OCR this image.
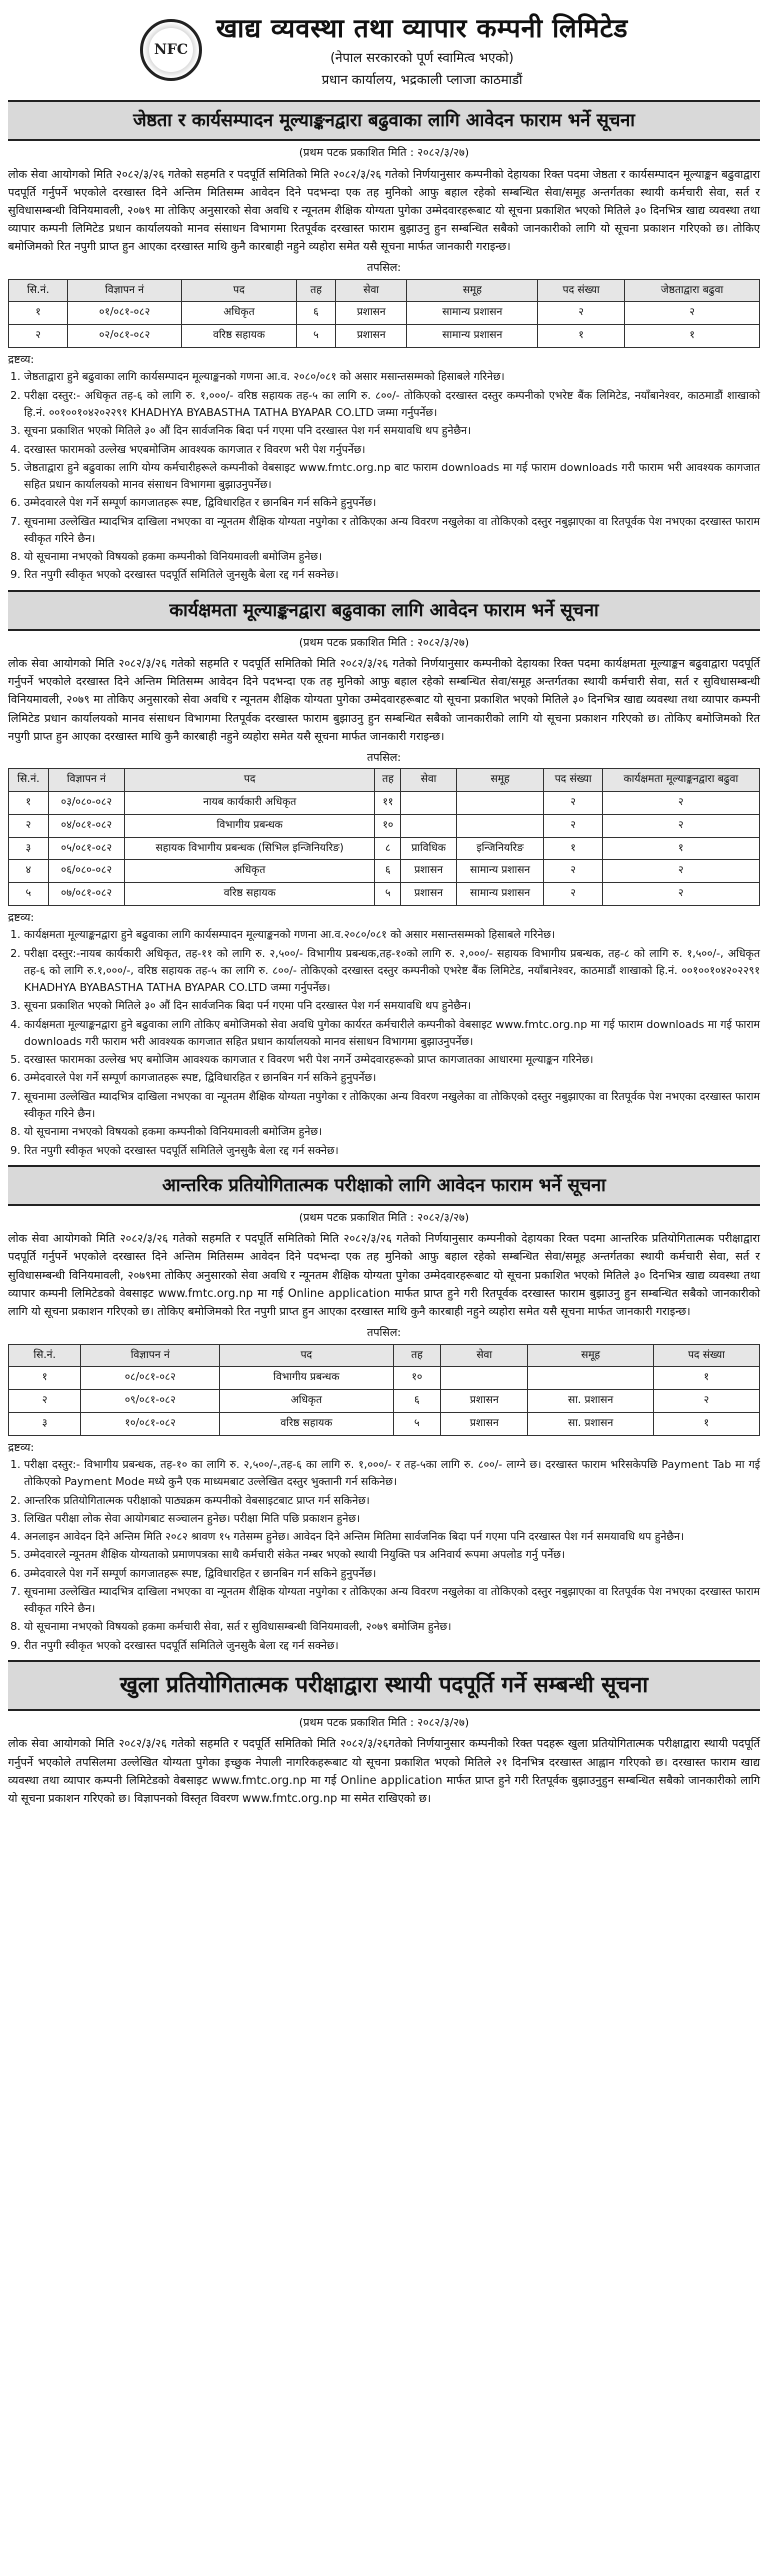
NFC
खाद्य व्यवस्था तथा व्यापार कम्पनी लिमिटेड
(नेपाल सरकारको पूर्ण स्वामित्व भएको)
प्रधान कार्यालय, भद्रकाली प्लाजा काठमाडौं
जेष्ठता र कार्यसम्पादन मूल्याङ्कनद्वारा बढुवाका लागि आवेदन फाराम भर्ने सूचना
(प्रथम पटक प्रकाशित मिति : २०८२/३/२७)

लोक सेवा आयोगको मिति २०८२/३/२६ गतेको सहमति र पदपूर्ति समितिको मिति २०८२/३/२६ गतेको निर्णयानुसार कम्पनीको देहायका रिक्त पदमा जेष्ठता र कार्यसम्पादन मूल्याङ्कन बढुवाद्वारा पदपूर्ति गर्नुपर्ने भएकोले दरखास्त दिने अन्तिम मितिसम्म आवेदन दिने पदभन्दा एक तह मुनिको आफु बहाल रहेको सम्बन्धित सेवा/समूह अन्तर्गतका स्थायी कर्मचारी सेवा, सर्त र सुविधासम्बन्धी विनियमावली, २०७९ मा तोकिए अनुसारको सेवा अवधि र न्यूनतम शैक्षिक योग्यता पुगेका उम्मेदवारहरूबाट यो सूचना प्रकाशित भएको मितिले ३० दिनभित्र खाद्य व्यवस्था तथा व्यापार कम्पनी लिमिटेड प्रधान कार्यालयको मानव संसाधन विभागमा रितपूर्वक दरखास्त फाराम बुझाउनु हुन सम्बन्धित सबैको जानकारीको लागि यो सूचना प्रकाशन गरिएको छ। तोकिए बमोजिमको रित नपुगी प्राप्त हुन आएका दरखास्त माथि कुनै कारबाही नहुने व्यहोरा समेत यसै सूचना मार्फत जानकारी गराइन्छ।

तपसिल:
सि.नं.	विज्ञापन नं	पद	तह	सेवा	समूह	पद संख्या	जेष्ठताद्वारा बढुवा
१	०१/०८१-०८२	अधिकृत	६	प्रशासन	सामान्य प्रशासन	२	२
२	०२/०८१-०८२	वरिष्ठ सहायक	५	प्रशासन	सामान्य प्रशासन	१	१
द्रष्टव्य:
1. जेष्ठताद्वारा हुने बढुवाका लागि कार्यसम्पादन मूल्याङ्कनको गणना आ.व. २०८०/०८१ को असार मसान्तसम्मको हिसाबले गरिनेछ।
2. परीक्षा दस्तुर:- अधिकृत तह-६ को लागि रु. १,०००/- वरिष्ठ सहायक तह-५ का लागि रु. ८००/- तोकिएको दरखास्त दस्तुर कम्पनीको एभरेष्ट बैंक लिमिटेड, नयाँबानेश्वर, काठमाडौं शाखाको हि.नं. ००१००१०४२०२२९१ KHADHYA BYABASTHA TATHA BYAPAR CO.LTD जम्मा गर्नुपर्नेछ।
3. सूचना प्रकाशित भएको मितिले ३० औं दिन सार्वजनिक बिदा पर्न गएमा पनि दरखास्त पेश गर्न समयावधि थप हुनेछैन।
4. दरखास्त फारामको उल्लेख भएबमोजिम आवश्यक कागजात र विवरण भरी पेश गर्नुपर्नेछ।
5. जेष्ठताद्वारा हुने बढुवाका लागि योग्य कर्मचारीहरूले कम्पनीको वेबसाइट www.fmtc.org.np बाट फाराम downloads मा गई फाराम downloads गरी फाराम भरी आवश्यक कागजात सहित प्रधान कार्यालयको मानव संसाधन विभागमा बुझाउनुपर्नेछ।
6. उम्मेदवारले पेश गर्ने सम्पूर्ण कागजातहरू स्पष्ट, द्विविधारहित र छानबिन गर्न सकिने हुनुपर्नेछ।
7. सूचनामा उल्लेखित म्यादभित्र दाखिला नभएका वा न्यूनतम शैक्षिक योग्यता नपुगेका र तोकिएका अन्य विवरण नखुलेका वा तोकिएको दस्तुर नबुझाएका वा रितपूर्वक पेश नभएका दरखास्त फाराम स्वीकृत गरिने छैन।
8. यो सूचनामा नभएको विषयको हकमा कम्पनीको विनियमावली बमोजिम हुनेछ।
9. रित नपुगी स्वीकृत भएको दरखास्त पदपूर्ति समितिले जुनसुकै बेला रद्द गर्न सक्नेछ।
कार्यक्षमता मूल्याङ्कनद्वारा बढुवाका लागि आवेदन फाराम भर्ने सूचना
(प्रथम पटक प्रकाशित मिति : २०८२/३/२७)

लोक सेवा आयोगको मिति २०८२/३/२६ गतेको सहमति र पदपूर्ति समितिको मिति २०८२/३/२६ गतेको निर्णयानुसार कम्पनीको देहायका रिक्त पदमा कार्यक्षमता मूल्याङ्कन बढुवाद्वारा पदपूर्ति गर्नुपर्ने भएकोले दरखास्त दिने अन्तिम मितिसम्म आवेदन दिने पदभन्दा एक तह मुनिको आफु बहाल रहेको सम्बन्धित सेवा/समूह अन्तर्गतका स्थायी कर्मचारी सेवा, सर्त र सुविधासम्बन्धी विनियमावली, २०७९ मा तोकिए अनुसारको सेवा अवधि र न्यूनतम शैक्षिक योग्यता पुगेका उम्मेदवारहरूबाट यो सूचना प्रकाशित भएको मितिले ३० दिनभित्र खाद्य व्यवस्था तथा व्यापार कम्पनी लिमिटेड प्रधान कार्यालयको मानव संसाधन विभागमा रितपूर्वक दरखास्त फाराम बुझाउनु हुन सम्बन्धित सबैको जानकारीको लागि यो सूचना प्रकाशन गरिएको छ। तोकिए बमोजिमको रित नपुगी प्राप्त हुन आएका दरखास्त माथि कुनै कारबाही नहुने व्यहोरा समेत यसै सूचना मार्फत जानकारी गराइन्छ।

तपसिल:
सि.नं.	विज्ञापन नं	पद	तह	सेवा	समूह	पद संख्या	कार्यक्षमता मूल्याङ्कनद्वारा बढुवा
१	०३/०८०-०८२	नायब कार्यकारी अधिकृत	११			२	२
२	०४/०८१-०८२	विभागीय प्रबन्धक	१०			२	२
३	०५/०८१-०८२	सहायक विभागीय प्रबन्धक (सिभिल इन्जिनियरिङ)	८	प्राविधिक	इन्जिनियरिङ	१	१
४	०६/०८०-०८२	अधिकृत	६	प्रशासन	सामान्य प्रशासन	२	२
५	०७/०८१-०८२	वरिष्ठ सहायक	५	प्रशासन	सामान्य प्रशासन	२	२
द्रष्टव्य:
1. कार्यक्षमता मूल्याङ्कनद्वारा हुने बढुवाका लागि कार्यसम्पादन मूल्याङ्कनको गणना आ.व.२०८०/०८१ को असार मसान्तसम्मको हिसाबले गरिनेछ।
2. परीक्षा दस्तुर:-नायब कार्यकारी अधिकृत, तह-११ को लागि रु. २,५००/- विभागीय प्रबन्धक,तह-१०को लागि रु. २,०००/- सहायक विभागीय प्रबन्धक, तह-८ को लागि रु. १,५००/-, अधिकृत तह-६ को लागि रु.१,०००/-, वरिष्ठ सहायक तह-५ का लागि रु. ८००/- तोकिएको दरखास्त दस्तुर कम्पनीको एभरेष्ट बैंक लिमिटेड, नयाँबानेश्वर, काठमाडौं शाखाको हि.नं. ००१००१०४२०२२९१ KHADHYA BYABASTHA TATHA BYAPAR CO.LTD जम्मा गर्नुपर्नेछ।
3. सूचना प्रकाशित भएको मितिले ३० औं दिन सार्वजनिक बिदा पर्न गएमा पनि दरखास्त पेश गर्न समयावधि थप हुनेछैन।
4. कार्यक्षमता मूल्याङ्कनद्वारा हुने बढुवाका लागि तोकिए बमोजिमको सेवा अवधि पुगेका कार्यरत कर्मचारीले कम्पनीको वेबसाइट www.fmtc.org.np मा गई फाराम downloads मा गई फाराम downloads गरी फाराम भरी आवश्यक कागजात सहित प्रधान कार्यालयको मानव संसाधन विभागमा बुझाउनुपर्नेछ।
5. दरखास्त फारामका उल्लेख भए बमोजिम आवश्यक कागजात र विवरण भरी पेश नगर्ने उम्मेदवारहरूको प्राप्त कागजातका आधारमा मूल्याङ्कन गरिनेछ।
6. उम्मेदवारले पेश गर्ने सम्पूर्ण कागजातहरू स्पष्ट, द्विविधारहित र छानबिन गर्न सकिने हुनुपर्नेछ।
7. सूचनामा उल्लेखित म्यादभित्र दाखिला नभएका वा न्यूनतम शैक्षिक योग्यता नपुगेका र तोकिएका अन्य विवरण नखुलेका वा तोकिएको दस्तुर नबुझाएका वा रितपूर्वक पेश नभएका दरखास्त फाराम स्वीकृत गरिने छैन।
8. यो सूचनामा नभएको विषयको हकमा कम्पनीको विनियमावली बमोजिम हुनेछ।
9. रित नपुगी स्वीकृत भएको दरखास्त पदपूर्ति समितिले जुनसुकै बेला रद्द गर्न सक्नेछ।
आन्तरिक प्रतियोगितात्मक परीक्षाको लागि आवेदन फाराम भर्ने सूचना
(प्रथम पटक प्रकाशित मिति : २०८२/३/२७)

लोक सेवा आयोगको मिति २०८२/३/२६ गतेको सहमति र पदपूर्ति समितिको मिति २०८२/३/२६ गतेको निर्णयानुसार कम्पनीको देहायका रिक्त पदमा आन्तरिक प्रतियोगितात्मक परीक्षाद्वारा पदपूर्ति गर्नुपर्ने भएकोले दरखास्त दिने अन्तिम मितिसम्म आवेदन दिने पदभन्दा एक तह मुनिको आफु बहाल रहेको सम्बन्धित सेवा/समूह अन्तर्गतका स्थायी कर्मचारी सेवा, सर्त र सुविधासम्बन्धी विनियमावली, २०७९मा तोकिए अनुसारको सेवा अवधि र न्यूनतम शैक्षिक योग्यता पुगेका उम्मेदवारहरूबाट यो सूचना प्रकाशित भएको मितिले ३० दिनभित्र खाद्य व्यवस्था तथा व्यापार कम्पनी लिमिटेडको वेबसाइट www.fmtc.org.np मा गई Online application मार्फत प्राप्त हुने गरी रितपूर्वक दरखास्त फाराम बुझाउनु हुन सम्बन्धित सबैको जानकारीको लागि यो सूचना प्रकाशन गरिएको छ। तोकिए बमोजिमको रित नपुगी प्राप्त हुन आएका दरखास्त माथि कुनै कारबाही नहुने व्यहोरा समेत यसै सूचना मार्फत जानकारी गराइन्छ।

तपसिल:
सि.नं.	विज्ञापन नं	पद	तह	सेवा	समूह	पद संख्या
१	०८/०८१-०८२	विभागीय प्रबन्धक	१०			१
२	०९/०८१-०८२	अधिकृत	६	प्रशासन	सा. प्रशासन	२
३	१०/०८१-०८२	वरिष्ठ सहायक	५	प्रशासन	सा. प्रशासन	१
द्रष्टव्य:
1. परीक्षा दस्तुर:- विभागीय प्रबन्धक, तह-१० का लागि रु. २,५००/-,तह-६ का लागि रु. १,०००/- र तह-५का लागि रु. ८००/- लाग्ने छ। दरखास्त फाराम भरिसकेपछि Payment Tab मा गई तोकिएको Payment Mode मध्ये कुनै एक माध्यमबाट उल्लेखित दस्तुर भुक्तानी गर्न सकिनेछ।
2. आन्तरिक प्रतियोगितात्मक परीक्षाको पाठ्यक्रम कम्पनीको वेबसाइटबाट प्राप्त गर्न सकिनेछ।
3. लिखित परीक्षा लोक सेवा आयोगबाट सञ्चालन हुनेछ। परीक्षा मिति पछि प्रकाशन हुनेछ।
4. अनलाइन आवेदन दिने अन्तिम मिति २०८२ श्रावण १५ गतेसम्म हुनेछ। आवेदन दिने अन्तिम मितिमा सार्वजनिक बिदा पर्न गएमा पनि दरखास्त पेश गर्न समयावधि थप हुनेछैन।
5. उम्मेदवारले न्यूनतम शैक्षिक योग्यताको प्रमाणपत्रका साथै कर्मचारी संकेत नम्बर भएको स्थायी नियुक्ति पत्र अनिवार्य रूपमा अपलोड गर्नु पर्नेछ।
6. उम्मेदवारले पेश गर्ने सम्पूर्ण कागजातहरू स्पष्ट, द्विविधारहित र छानबिन गर्न सकिने हुनुपर्नेछ।
7. सूचनामा उल्लेखित म्यादभित्र दाखिला नभएका वा न्यूनतम शैक्षिक योग्यता नपुगेका र तोकिएका अन्य विवरण नखुलेका वा तोकिएको दस्तुर नबुझाएका वा रितपूर्वक पेश नभएका दरखास्त फाराम स्वीकृत गरिने छैन।
8. यो सूचनामा नभएको विषयको हकमा कर्मचारी सेवा, सर्त र सुविधासम्बन्धी विनियमावली, २०७९ बमोजिम हुनेछ।
9. रीत नपुगी स्वीकृत भएको दरखास्त पदपूर्ति समितिले जुनसुकै बेला रद्द गर्न सक्नेछ।
खुला प्रतियोगितात्मक परीक्षाद्वारा स्थायी पदपूर्ति गर्ने सम्बन्धी सूचना
(प्रथम पटक प्रकाशित मिति : २०८२/३/२७)

लोक सेवा आयोगको मिति २०८२/३/२६ गतेको सहमति र पदपूर्ति समितिको मिति २०८२/३/२६गतेको निर्णयानुसार कम्पनीको रिक्त पदहरू खुला प्रतियोगितात्मक परीक्षाद्वारा स्थायी पदपूर्ति गर्नुपर्ने भएकोले तपसिलमा उल्लेखित योग्यता पुगेका इच्छुक नेपाली नागरिकहरूबाट यो सूचना प्रकाशित भएको मितिले २१ दिनभित्र दरखास्त आह्वान गरिएको छ। दरखास्त फाराम खाद्य व्यवस्था तथा व्यापार कम्पनी लिमिटेडको वेबसाइट www.fmtc.org.np मा गई Online application मार्फत प्राप्त हुने गरी रितपूर्वक बुझाउनुहुन सम्बन्धित सबैको जानकारीको लागि यो सूचना प्रकाशन गरिएको छ। विज्ञापनको विस्तृत विवरण www.fmtc.org.np मा समेत राखिएको छ।
